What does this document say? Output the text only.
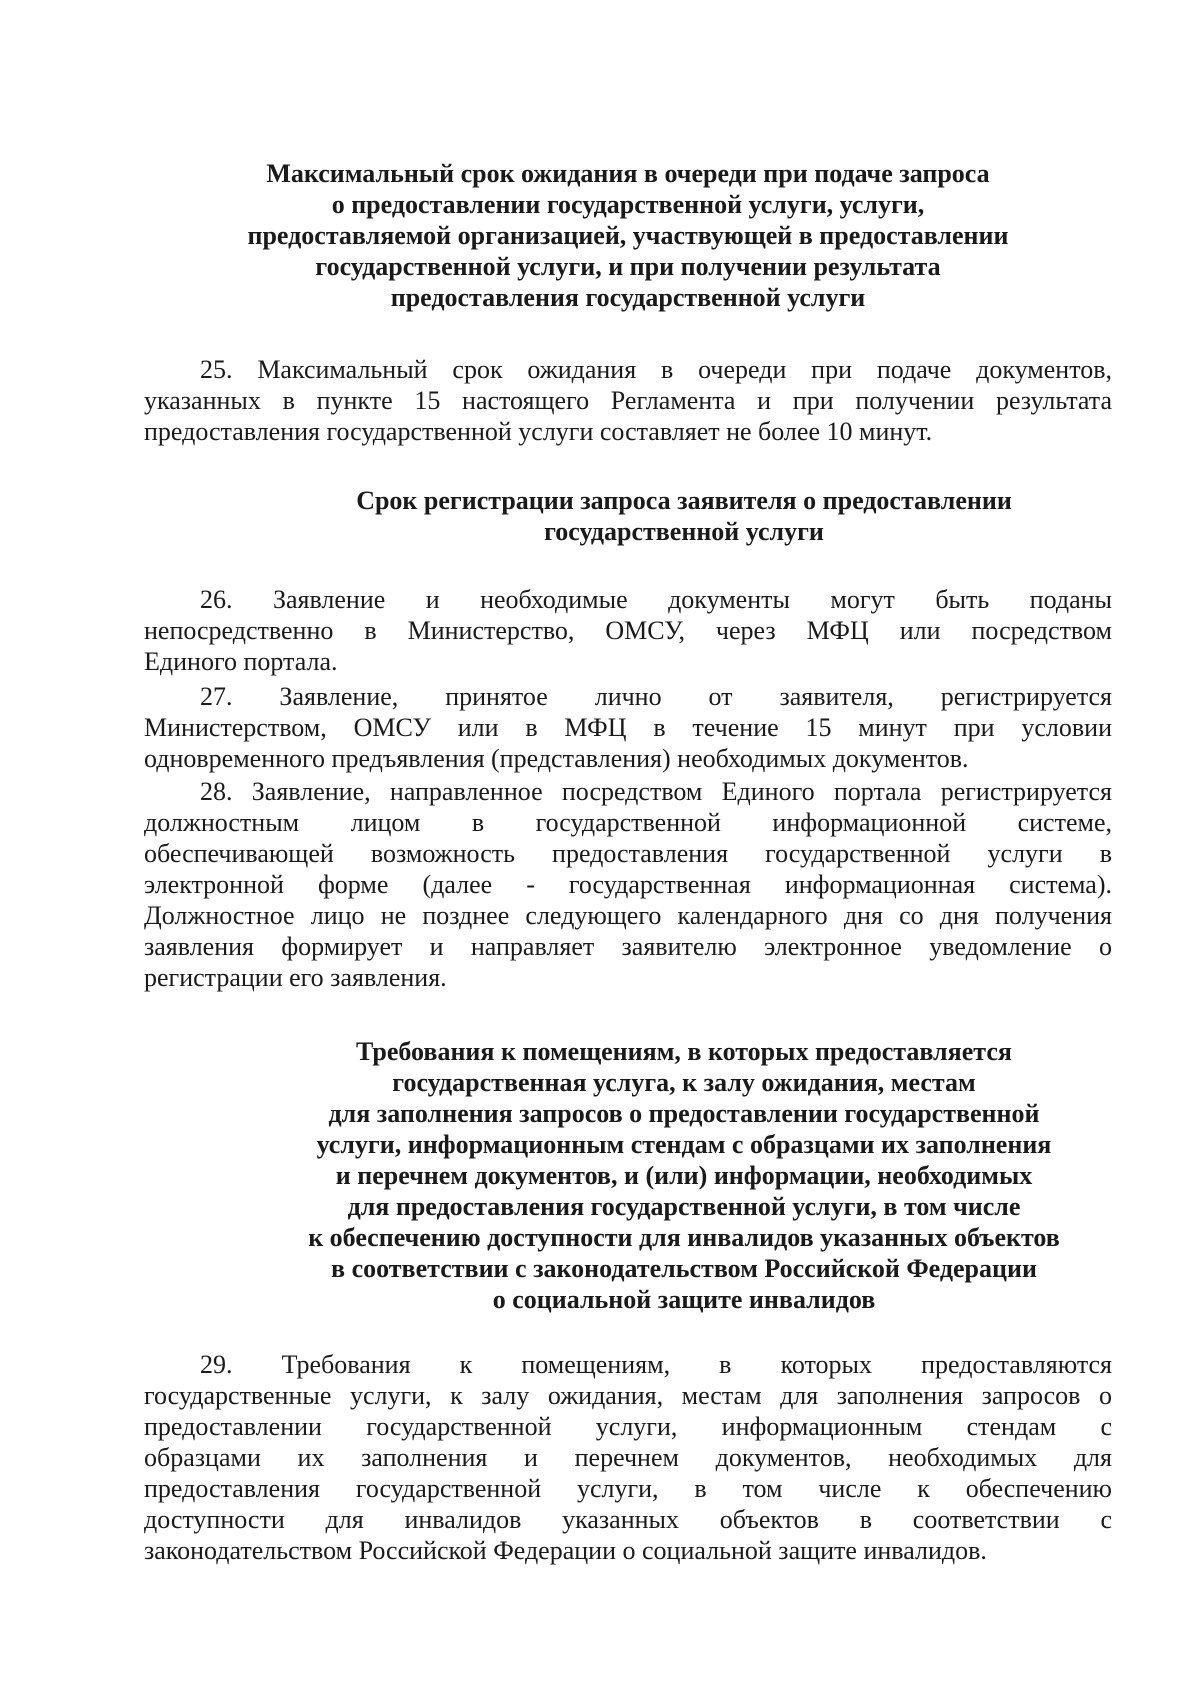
Максимальный срок ожидания в очереди при подаче запроса
о предоставлении государственной услуги, услуги,
предоставляемой организацией, участвующей в предоставлении
государственной услуги, и при получении результата
предоставления государственной услуги
25. Максимальный срок ожидания в очереди при подаче документов,
указанных в пункте 15 настоящего Регламента и при получении результата
предоставления государственной услуги составляет не более 10 минут.
Срок регистрации запроса заявителя о предоставлении
государственной услуги
26. Заявление и необходимые документы могут быть поданы
непосредственно в Министерство, ОМСУ, через МФЦ или посредством
Единого портала.
27. Заявление, принятое лично от заявителя, регистрируется
Министерством, ОМСУ или в МФЦ в течение 15 минут при условии
одновременного предъявления (представления) необходимых документов.
28. Заявление, направленное посредством Единого портала регистрируется
должностным лицом в государственной информационной системе,
обеспечивающей возможность предоставления государственной услуги в
электронной форме (далее - государственная информационная система).
Должностное лицо не позднее следующего календарного дня со дня получения
заявления формирует и направляет заявителю электронное уведомление о
регистрации его заявления.
Требования к помещениям, в которых предоставляется
государственная услуга, к залу ожидания, местам
для заполнения запросов о предоставлении государственной
услуги, информационным стендам с образцами их заполнения
и перечнем документов, и (или) информации, необходимых
для предоставления государственной услуги, в том числе
к обеспечению доступности для инвалидов указанных объектов
в соответствии с законодательством Российской Федерации
о социальной защите инвалидов
29. Требования к помещениям, в которых предоставляются
государственные услуги, к залу ожидания, местам для заполнения запросов о
предоставлении государственной услуги, информационным стендам с
образцами их заполнения и перечнем документов, необходимых для
предоставления государственной услуги, в том числе к обеспечению
доступности для инвалидов указанных объектов в соответствии с
законодательством Российской Федерации о социальной защите инвалидов.
